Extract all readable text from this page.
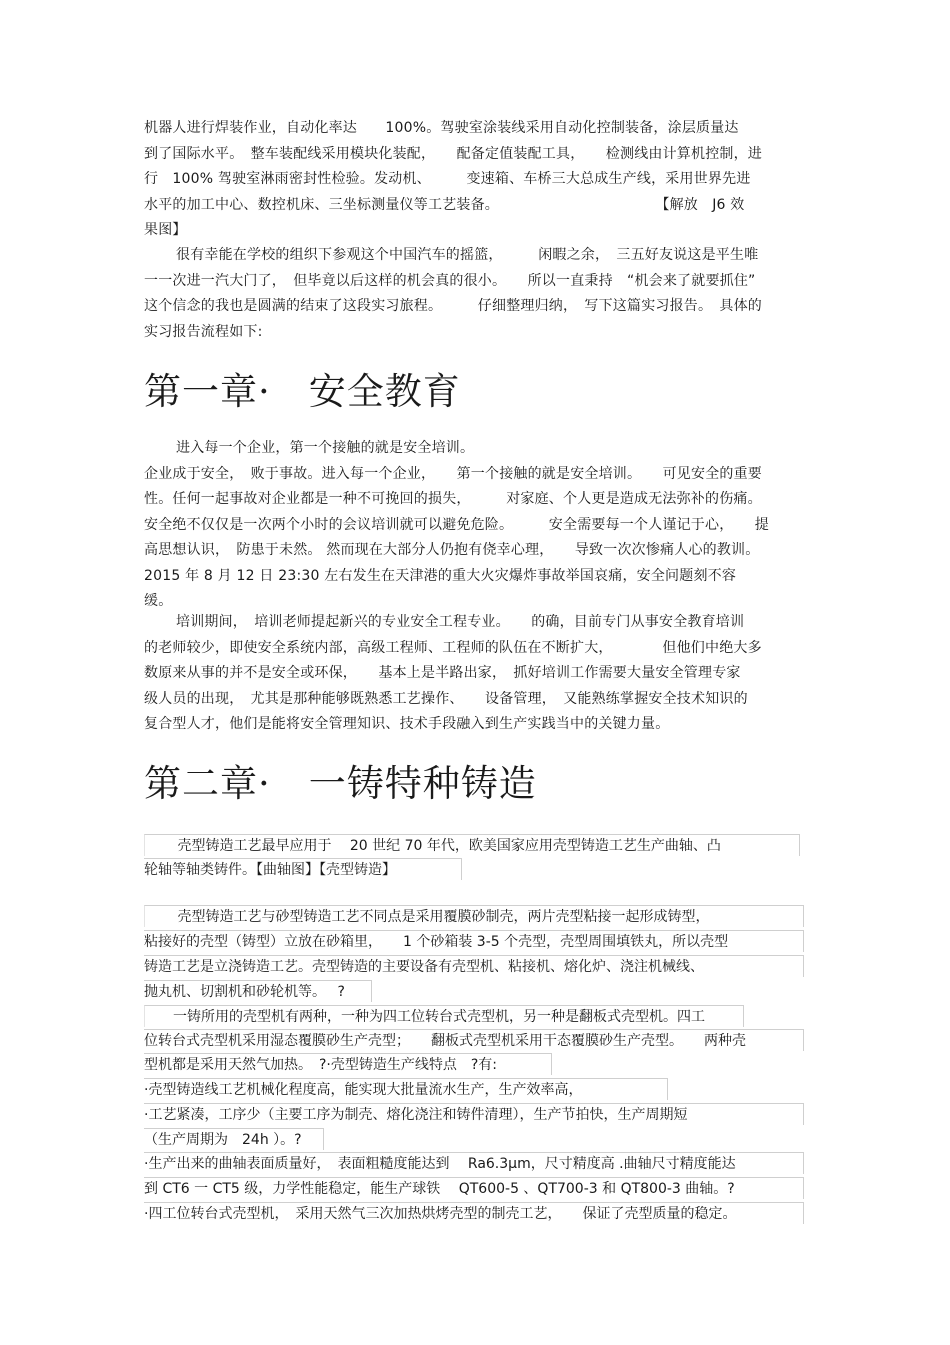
机器人进行焊装作业，自动化率达　　100%。驾驶室涂装线采用自动化控制装备，涂层质量达
到了国际水平。　整车装配线采用模块化装配，　　配备定值装配工具，　　检测线由计算机控制，进
行　100% 驾驶室淋雨密封性检验。发动机、　　　变速箱、车桥三大总成生产线，采用世界先进
水平的加工中心、数控机床、三坐标测量仪等工艺装备。　　　　　　　　　　　　【解放　J6 效
果图】
很有幸能在学校的组织下参观这个中国汽车的摇篮，　　　闲暇之余，　三五好友说这是平生唯
一一次进一汽大门了，　但毕竟以后这样的机会真的很小。　　所以一直秉持　“机会来了就要抓住”
这个信念的我也是圆满的结束了这段实习旅程。　　　仔细整理归纳，　写下这篇实习报告。　具体的
实习报告流程如下:
第一章·　安全教育
进入每一个企业，第一个接触的就是安全培训。
企业成于安全，　败于事故。进入每一个企业，　　第一个接触的就是安全培训。　　可见安全的重要
性。任何一起事故对企业都是一种不可挽回的损失，　　　对家庭、个人更是造成无法弥补的伤痛。
安全绝不仅仅是一次两个小时的会议培训就可以避免危险。　　　安全需要每一个人谨记于心，　　提
高思想认识，　防患于未然。 然而现在大部分人仍抱有侥幸心理，　　导致一次次惨痛人心的教训。
2015 年 8 月 12 日 23:30 左右发生在天津港的重大火灾爆炸事故举国哀痛，安全问题刻不容
缓。
培训期间，　培训老师提起新兴的专业安全工程专业。　　的确，目前专门从事安全教育培训
的老师较少，即使安全系统内部，高级工程师、工程师的队伍在不断扩大，　　　　但他们中绝大多
数原来从事的并不是安全或环保，　　基本上是半路出家，　抓好培训工作需要大量安全管理专家
级人员的出现，　尤其是那种能够既熟悉工艺操作、　　设备管理，　又能熟练掌握安全技术知识的
复合型人才，他们是能将安全管理知识、技术手段融入到生产实践当中的关键力量。
第二章·　一铸特种铸造
　　 壳型铸造工艺最早应用于　 20 世纪 70 年代，欧美国家应用壳型铸造工艺生产曲轴、凸
轮轴等轴类铸件。【曲轴图】【壳型铸造】
　　 壳型铸造工艺与砂型铸造工艺不同点是采用覆膜砂制壳，两片壳型粘接一起形成铸型，
粘接好的壳型（铸型）立放在砂箱里，　　1 个砂箱装 3-5 个壳型，壳型周围填铁丸，所以壳型
铸造工艺是立浇铸造工艺。壳型铸造的主要设备有壳型机、粘接机、熔化炉、浇注机械线、
抛丸机、切割机和砂轮机等。　 ?
　　一铸所用的壳型机有两种，一种为四工位转台式壳型机，另一种是翻板式壳型机。四工
位转台式壳型机采用湿态覆膜砂生产壳型；　　翻板式壳型机采用干态覆膜砂生产壳型。　　两种壳
型机都是采用天然气加热。　?·壳型铸造生产线特点　?有:
·壳型铸造线工艺机械化程度高，能实现大批量流水生产，生产效率高，
·工艺紧凑，工序少（主要工序为制壳、熔化浇注和铸件清理），生产节拍快，生产周期短
（生产周期为　24h ）。?
·生产出来的曲轴表面质量好，　表面粗糙度能达到　 Ra6.3μm，尺寸精度高 .曲轴尺寸精度能达
到 CT6 一 CT5 级，力学性能稳定，能生产球铁　 QT600-5 、QT700-3 和 QT800-3 曲轴。?
·四工位转台式壳型机，　采用天然气三次加热烘烤壳型的制壳工艺，　　保证了壳型质量的稳定。
